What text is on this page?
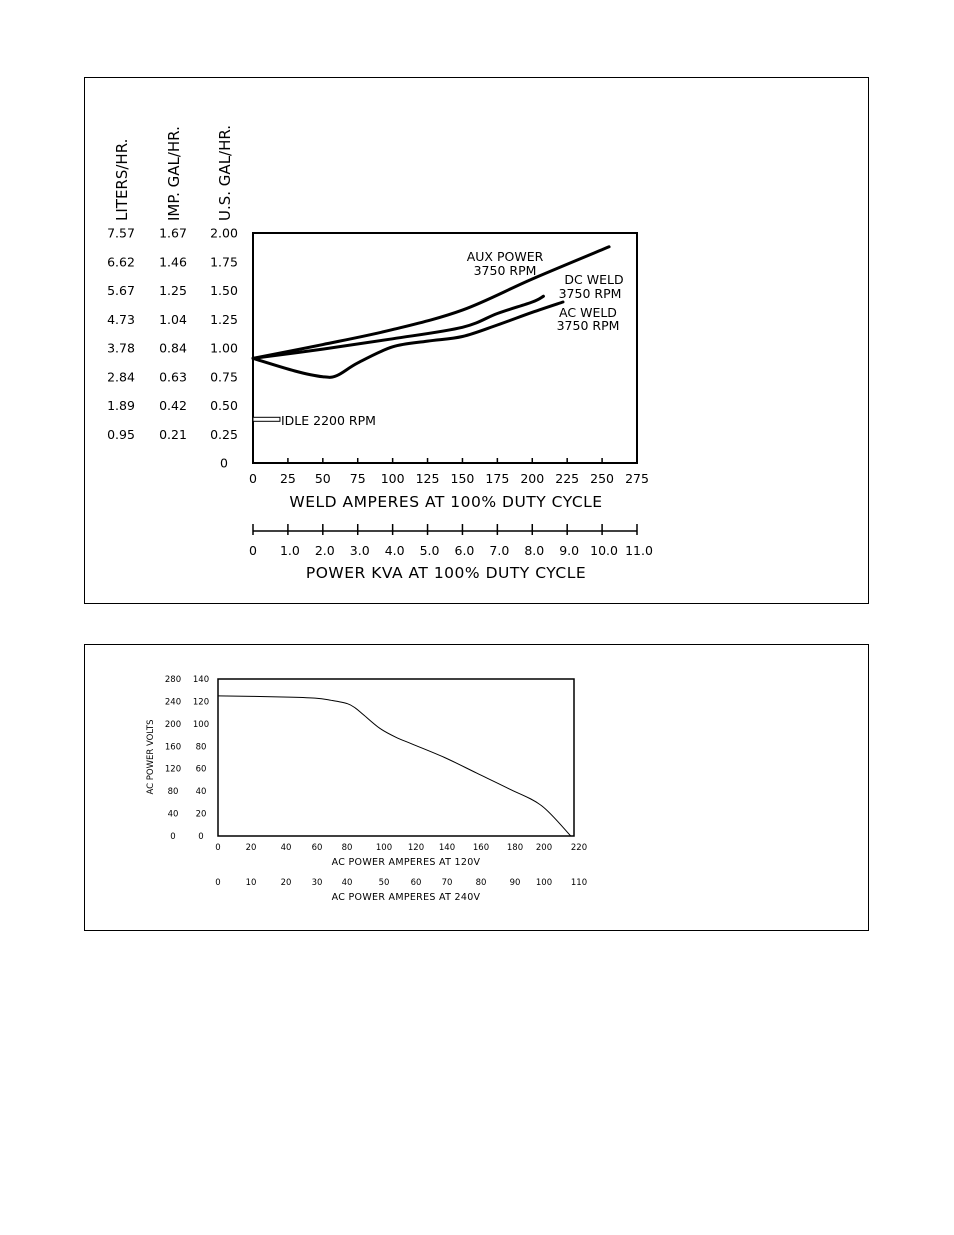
0 25 50 75 100 125 150 175 200 225 250 275
7.57
6.62
5.67
4.73
3.78
2.84
1.89
0.95
LITERS/HR.
1.67
1.46
1.25
1.04
0.84
0.63
0.42
0.21
IMP. GAL/HR.
2.00
1.75
1.50
1.25
1.00
0.75
0.50
0.25
0
U.S. GAL/HR.
AUX POWER
3750 RPM
DC WELD
3750 RPM
AC WELD
3750 RPM
IDLE 2200 RPM
WELD AMPERES AT 100% DUTY CYCLE
0 1.0 2.0 3.0 4.0 5.0 6.0 7.0 8.0 9.0 10.0 11.0
POWER KVA AT 100% DUTY CYCLE
280
240
200
160
120
80
40
0
140
120
100
80
60
40
20
0
AC POWER VOLTS
0	20	40 60 80	100 120 140 160 180 200 220
AC POWER AMPERES AT 120V
0	10	20 30 40	50 60 70	80	90 100 110
AC POWER AMPERES AT 240V
